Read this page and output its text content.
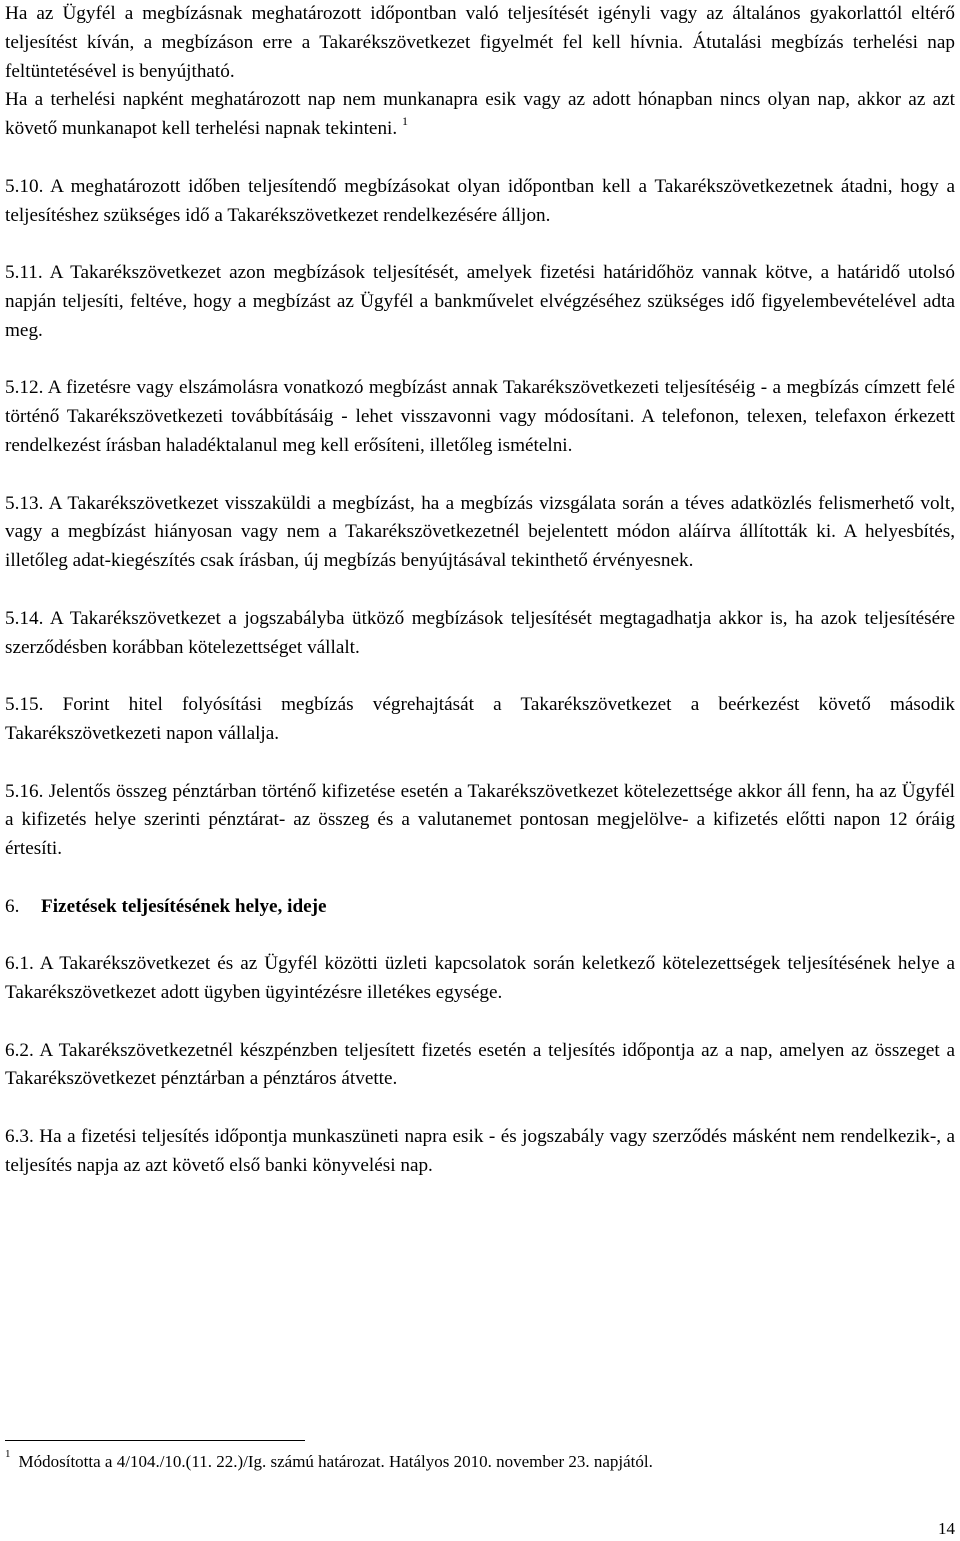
Ha az Ügyfél a megbízásnak meghatározott időpontban való teljesítését igényli vagy az általános gyakorlattól eltérő teljesítést kíván, a megbízáson erre a Takarékszövetkezet figyelmét fel kell hívnia. Átutalási megbízás terhelési nap feltüntetésével is benyújtható.

Ha a terhelési napként meghatározott nap nem munkanapra esik vagy az adott hónapban nincs olyan nap, akkor az azt követő munkanapot kell terhelési napnak tekinteni. $^1$

5.10. A meghatározott időben teljesítendő megbízásokat olyan időpontban kell a Takarékszövetkezetnek átadni, hogy a teljesítéshez szükséges idő a Takarékszövetkezet rendelkezésére álljon.

5.11. A Takarékszövetkezet azon megbízások teljesítését, amelyek fizetési határidőhöz vannak kötve, a határidő utolsó napján teljesíti, feltéve, hogy a megbízást az Ügyfél a bankművelet elvégzéséhez szükséges idő figyelembevételével adta meg.

5.12. A fizetésre vagy elszámolásra vonatkozó megbízást annak Takarékszövetkezeti teljesítéséig - a megbízás címzett felé történő Takarékszövetkezeti továbbításáig - lehet visszavonni vagy módosítani. A telefonon, telexen, telefaxon érkezett rendelkezést írásban haladéktalanul meg kell erősíteni, illetőleg ismételni.

5.13. A Takarékszövetkezet visszaküldi a megbízást, ha a megbízás vizsgálata során a téves adatközlés felismerhető volt, vagy a megbízást hiányosan vagy nem a Takarékszövetkezetnél bejelentett módon aláírva állították ki. A helyesbítés, illetőleg adat-kiegészítés csak írásban, új megbízás benyújtásával tekinthető érvényesnek.

5.14. A Takarékszövetkezet a jogszabályba ütköző megbízások teljesítését megtagadhatja akkor is, ha azok teljesítésére szerződésben korábban kötelezettséget vállalt.

5.15. Forint hitel folyósítási megbízás végrehajtását a Takarékszövetkezet a beérkezést követő második Takarékszövetkezeti napon vállalja.

5.16. Jelentős összeg pénztárban történő kifizetése esetén a Takarékszövetkezet kötelezettsége akkor áll fenn, ha az Ügyfél a kifizetés helye szerinti pénztárat- az összeg és a valutanemet pontosan megjelölve- a kifizetés előtti napon 12 óráig értesíti.

6. Fizetések teljesítésének helye, ideje

6.1. A Takarékszövetkezet és az Ügyfél közötti üzleti kapcsolatok során keletkező kötelezettségek teljesítésének helye a Takarékszövetkezet adott ügyben ügyintézésre illetékes egysége.

6.2. A Takarékszövetkezetnél készpénzben teljesített fizetés esetén a teljesítés időpontja az a nap, amelyen az összeget a Takarékszövetkezet pénztárban a pénztáros átvette.

6.3. Ha a fizetési teljesítés időpontja munkaszüneti napra esik - és jogszabály vagy szerződés másként nem rendelkezik-, a teljesítés napja az azt követő első banki könyvelési nap.

$^1$ Módosította a 4/104./10.(11. 22.)/Ig. számú határozat. Hatályos 2010. november 23. napjától.
14
